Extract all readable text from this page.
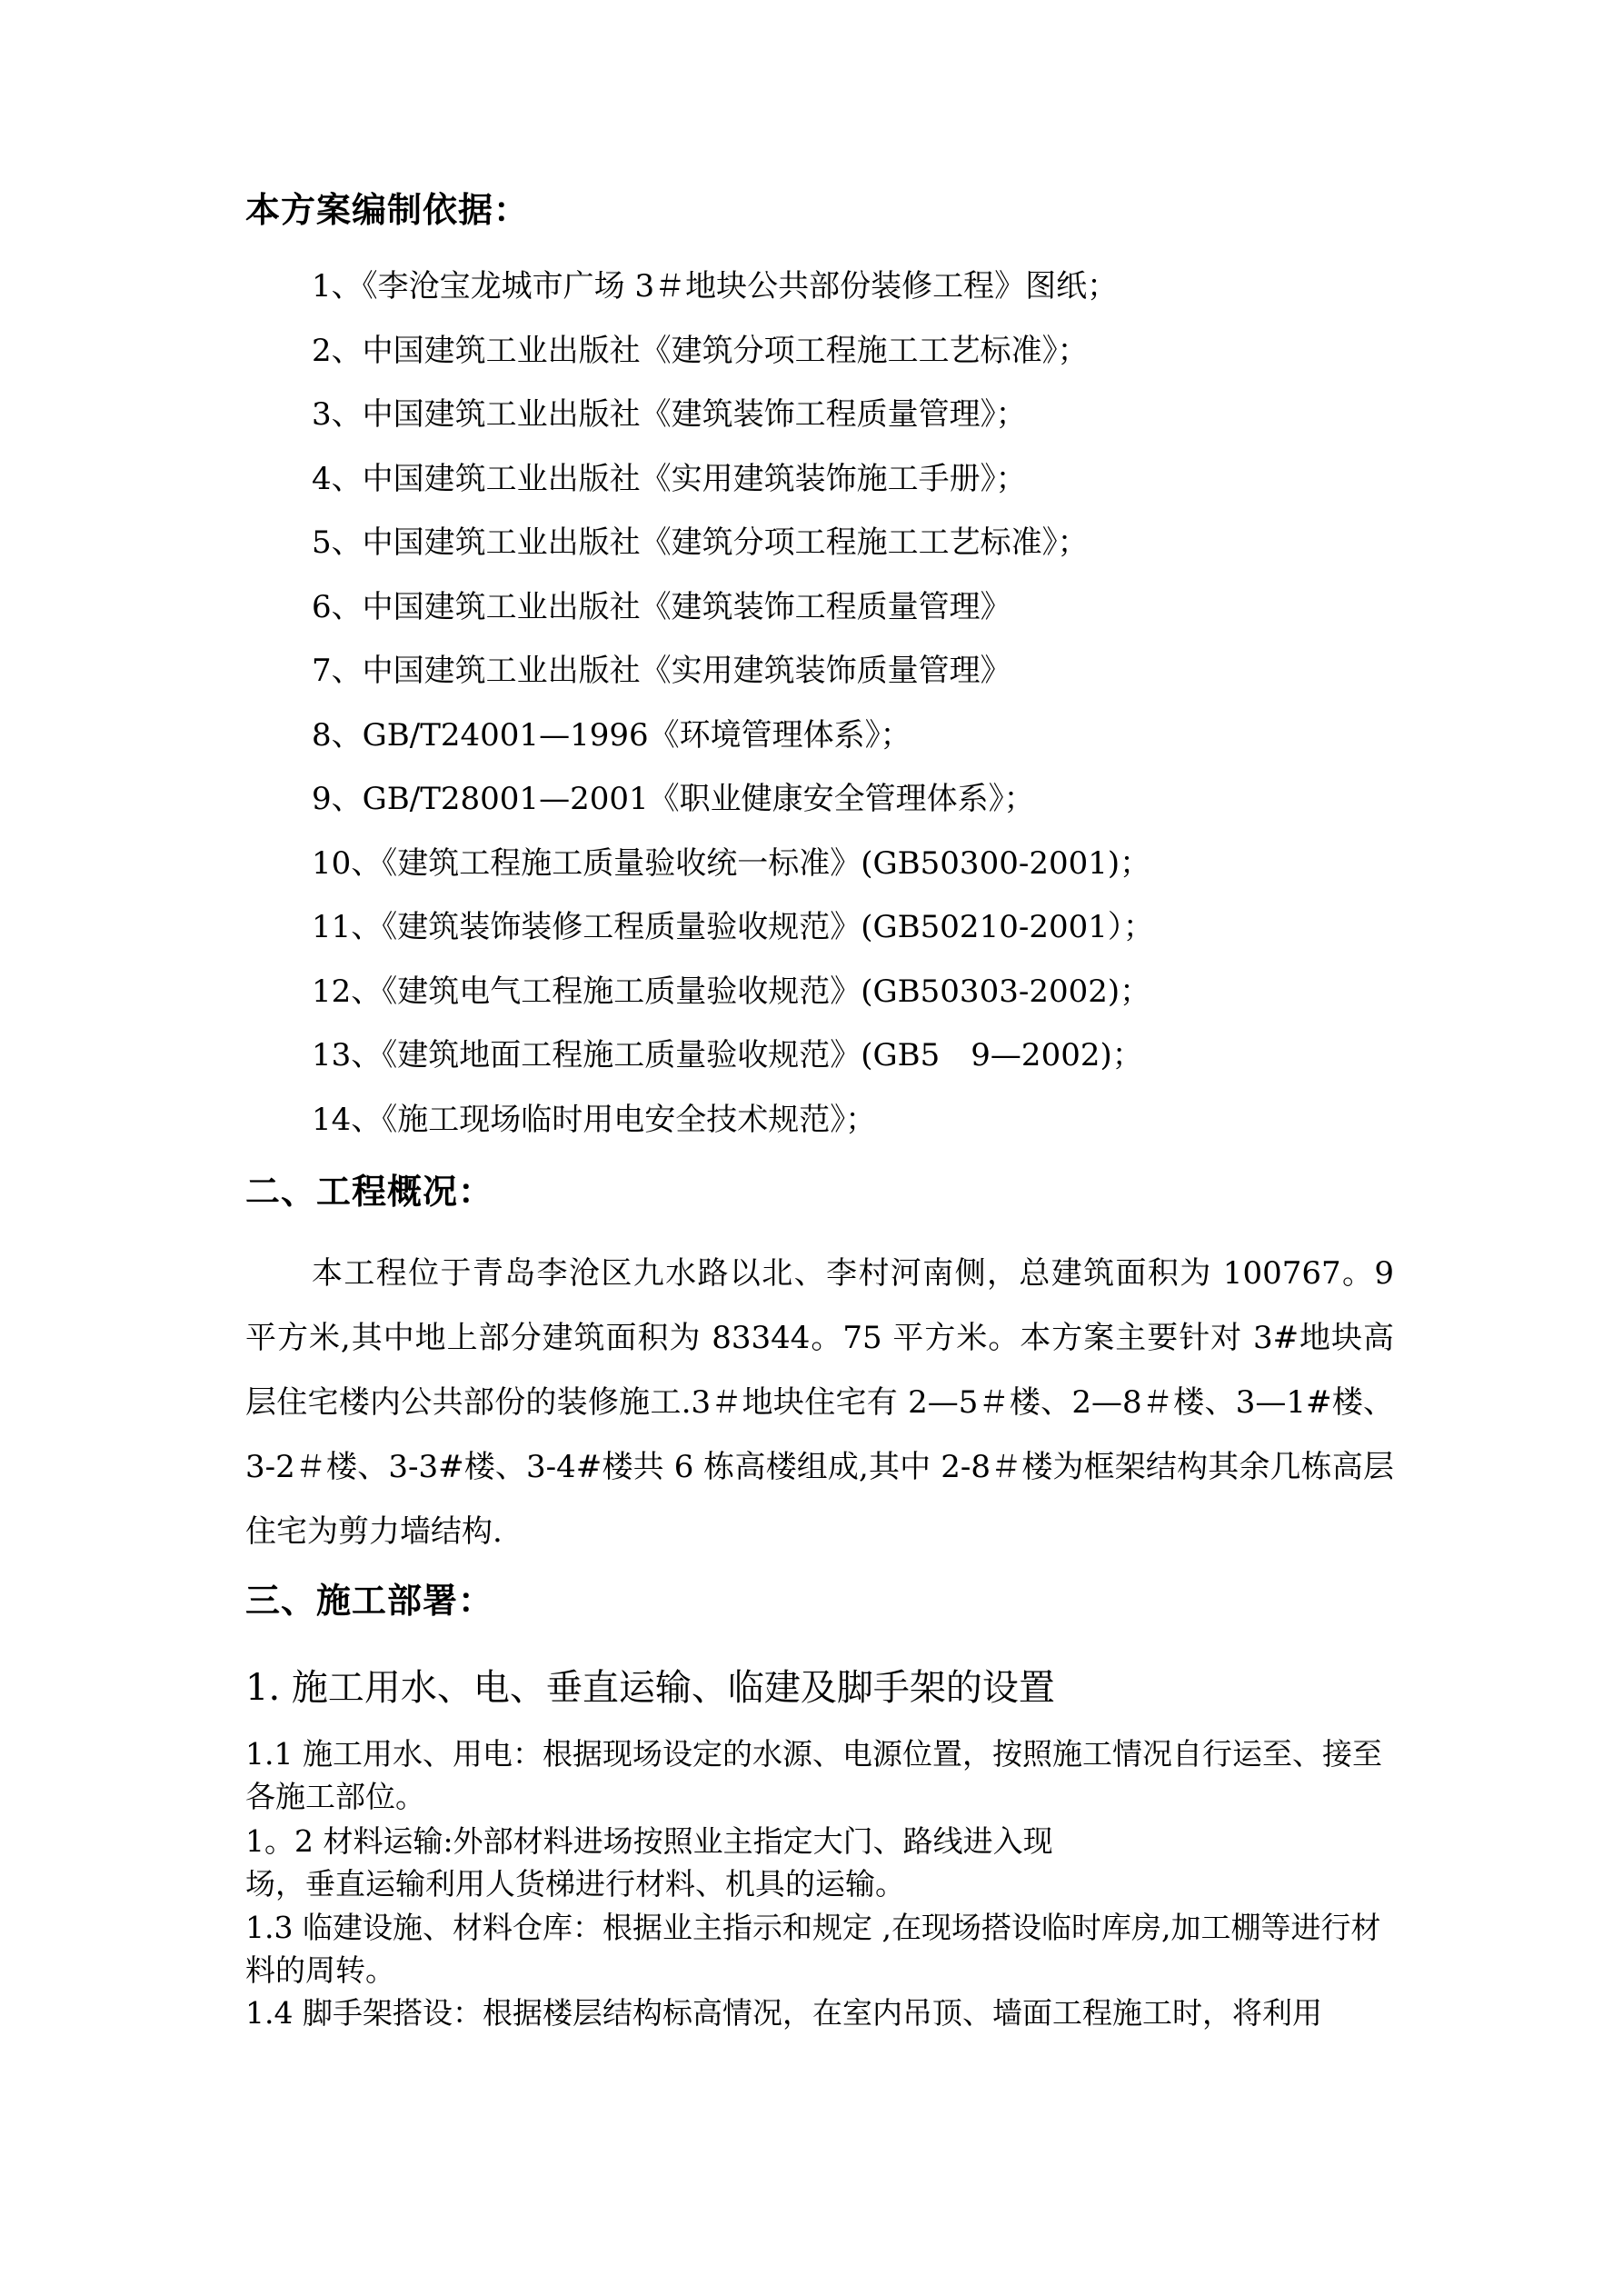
本方案编制依据：
1、《李沧宝龙城市广场 3＃地块公共部份装修工程》图纸；
2、中国建筑工业出版社《建筑分项工程施工工艺标准》；
3、中国建筑工业出版社《建筑装饰工程质量管理》；
4、中国建筑工业出版社《实用建筑装饰施工手册》；
5、中国建筑工业出版社《建筑分项工程施工工艺标准》；
6、中国建筑工业出版社《建筑装饰工程质量管理》
7、中国建筑工业出版社《实用建筑装饰质量管理》
8、GB/T24001—1996《环境管理体系》；
9、GB/T28001—2001《职业健康安全管理体系》；
10、《建筑工程施工质量验收统一标准》(GB50300-2001)；
11、《建筑装饰装修工程质量验收规范》(GB50210-2001）；
12、《建筑电气工程施工质量验收规范》(GB50303-2002)；
13、《建筑地面工程施工质量验收规范》(GB5　9—2002)；
14、《施工现场临时用电安全技术规范》；
二、工程概况：

本工程位于青岛李沧区九水路以北、李村河南侧，总建筑面积为 100767。9 平方米,其中地上部分建筑面积为 83344。75 平方米。本方案主要针对 3#地块高层住宅楼内公共部份的装修施工.3＃地块住宅有 2—5＃楼、2—8＃楼、3—1#楼、3-2＃楼、3-3#楼、3-4#楼共 6 栋高楼组成,其中 2-8＃楼为框架结构其余几栋高层住宅为剪力墙结构.

三、施工部署：
1. 施工用水、电、垂直运输、临建及脚手架的设置

1.1 施工用水、用电：根据现场设定的水源、电源位置，按照施工情况自行运至、接至各施工部位。

1。2 材料运输:外部材料进场按照业主指定大门、路线进入现

场，垂直运输利用人货梯进行材料、机具的运输。

1.3 临建设施、材料仓库：根据业主指示和规定 ,在现场搭设临时库房,加工棚等进行材料的周转。

1.4 脚手架搭设：根据楼层结构标高情况，在室内吊顶、墙面工程施工时，将利用
